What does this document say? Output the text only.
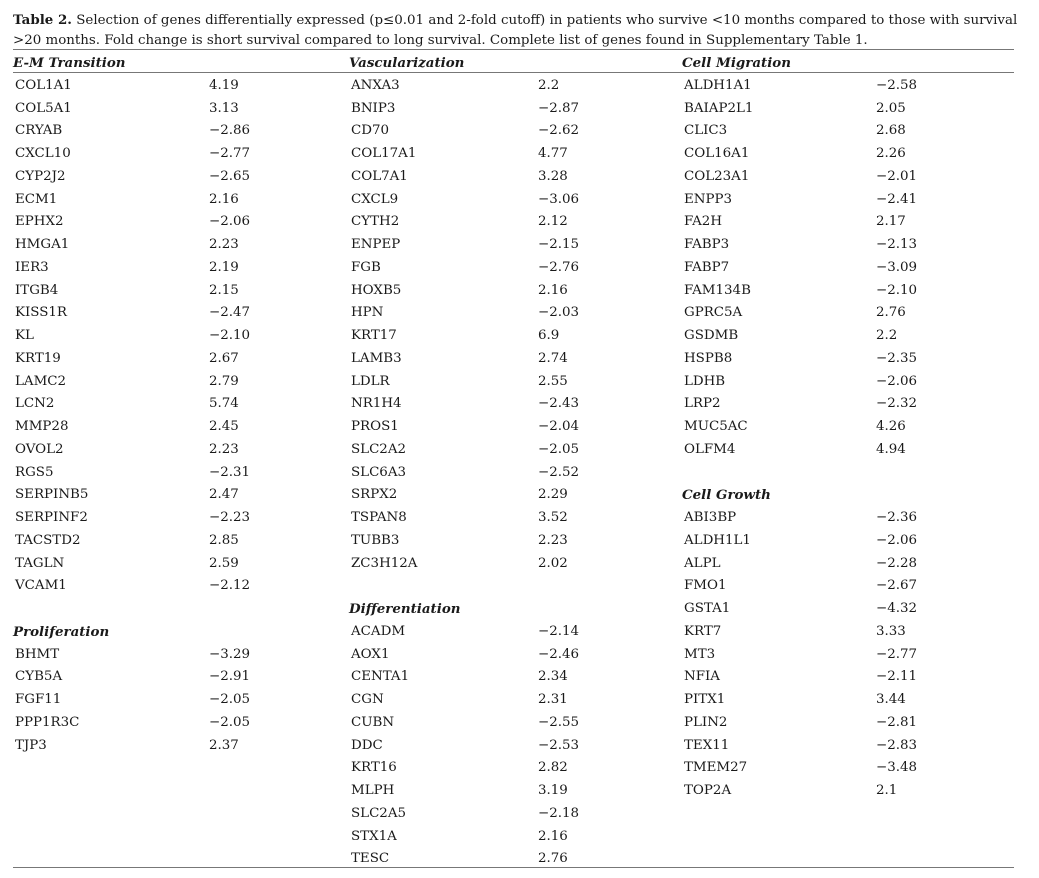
Table 2. Selection of genes differentially expressed (p≤0.01 and 2-fold cutoff) in patients who survive <10 months compared to those with survival >20 months. Fold change is short survival compared to long survival. Complete list of genes found in Supplementary Table 1.
E-M Transition
COL1A1	4.19
COL5A1	3.13
CRYAB	−2.86
CXCL10	−2.77
CYP2J2	−2.65
ECM1	2.16
EPHX2	−2.06
HMGA1	2.23
IER3	2.19
ITGB4	2.15
KISS1R	−2.47
KL	−2.10
KRT19	2.67
LAMC2	2.79
LCN2	5.74
MMP28	2.45
OVOL2	2.23
RGS5	−2.31
SERPINB5	2.47
SERPINF2	−2.23
TACSTD2	2.85
TAGLN	2.59
VCAM1	−2.12
Proliferation
BHMT	−3.29
CYB5A	−2.91
FGF11	−2.05
PPP1R3C	−2.05
TJP3	2.37
Vascularization
ANXA3	2.2
BNIP3	−2.87
CD70	−2.62
COL17A1	4.77
COL7A1	3.28
CXCL9	−3.06
CYTH2	2.12
ENPEP	−2.15
FGB	−2.76
HOXB5	2.16
HPN	−2.03
KRT17	6.9
LAMB3	2.74
LDLR	2.55
NR1H4	−2.43
PROS1	−2.04
SLC2A2	−2.05
SLC6A3	−2.52
SRPX2	2.29
TSPAN8	3.52
TUBB3	2.23
ZC3H12A	2.02
Differentiation
ACADM	−2.14
AOX1	−2.46
CENTA1	2.34
CGN	2.31
CUBN	−2.55
DDC	−2.53
KRT16	2.82
MLPH	3.19
SLC2A5	−2.18
STX1A	2.16
TESC	2.76
Cell Migration
ALDH1A1	−2.58
BAIAP2L1	2.05
CLIC3	2.68
COL16A1	2.26
COL23A1	−2.01
ENPP3	−2.41
FA2H	2.17
FABP3	−2.13
FABP7	−3.09
FAM134B	−2.10
GPRC5A	2.76
GSDMB	2.2
HSPB8	−2.35
LDHB	−2.06
LRP2	−2.32
MUC5AC	4.26
OLFM4	4.94
Cell Growth
ABI3BP	−2.36
ALDH1L1	−2.06
ALPL	−2.28
FMO1	−2.67
GSTA1	−4.32
KRT7	3.33
MT3	−2.77
NFIA	−2.11
PITX1	3.44
PLIN2	−2.81
TEX11	−2.83
TMEM27	−3.48
TOP2A	2.1
